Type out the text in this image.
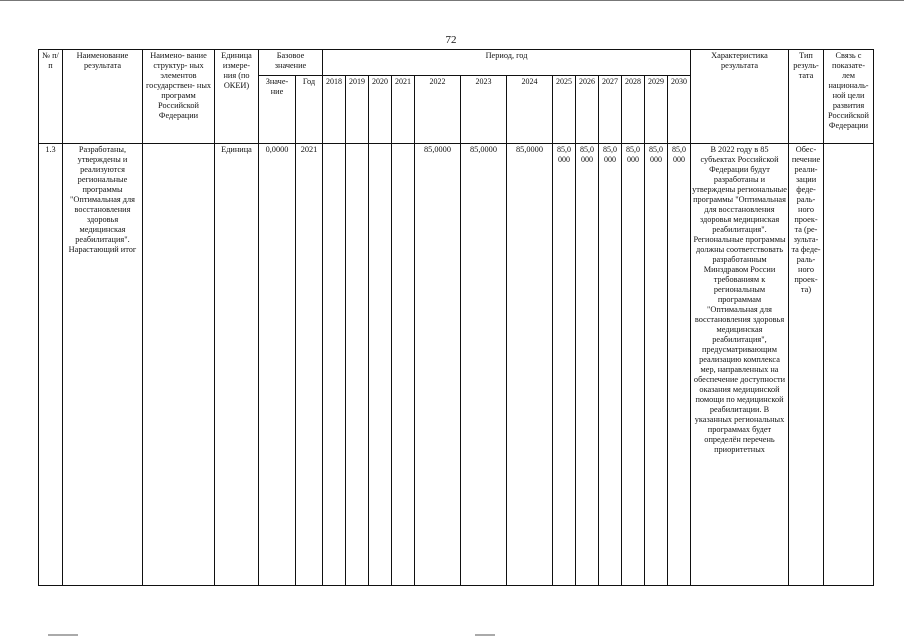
72
№ п/п	Наименование результата	Наимено- вание структур- ных элементов государствен- ных программ Российской Федерации	Единица измере- ния (по ОКЕИ)	Базовое значение		Период, год													Характеристика результата	Тип резуль- тата	Связь с показате- лем националь- ной цели развития Российской Федерации
				Значе- ние	Год	2018	2019	2020	2021	2022	2023	2024	2025	2026	2027	2028	2029	2030			
1.3	Разработаны, утверждены и реализуются региональные программы "Оптимальная для восстановления здоровья медицинская реабилитация". Нарастающий итог		Единица	0,0000	2021					85,0000	85,0000	85,0000	85,0 000	85,0 000	85,0 000	85,0 000	85,0 000	85,0 000	В 2022 году в 85 субъектах Российской Федерации будут разработаны и утверждены региональные программы "Оптимальная для восстановления здоровья медицинская реабилитация". Региональные программы должны соответствовать разработанным Минздравом России требованиям к региональным программам "Оптимальная для восстановления здоровья медицинская реабилитация", предусматривающим реализацию комплекса мер, направленных на обеспечение доступности оказания медицинской помощи по медицинской реабилитации. В указанных региональных программах будет определён перечень приоритетных	Обес- печение реали- зации феде- раль- ного проек- та (ре- зульта- та феде- раль- ного проек- та)	
